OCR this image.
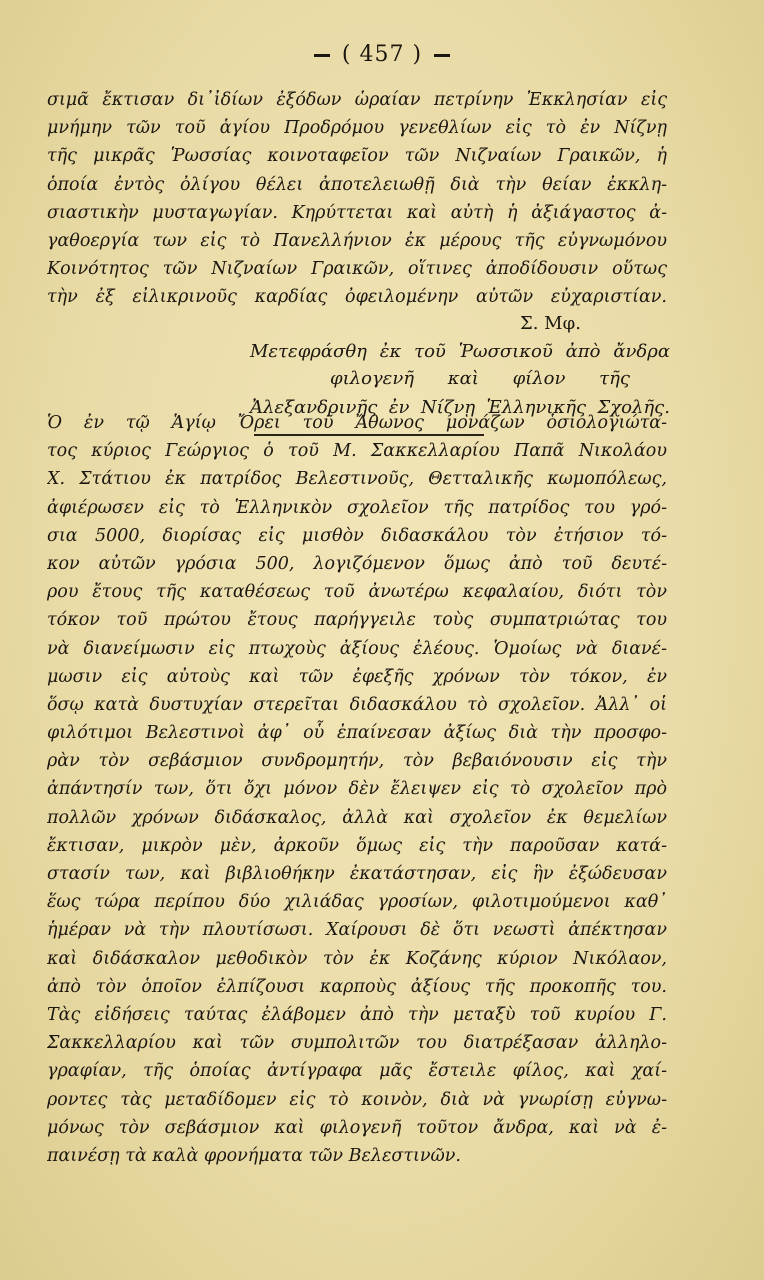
( 457 )
σιμᾶ ἔκτισαν δι᾽ἰδίων ἐξόδων ὡραίαν πετρίνην Ἐκκλησίαν εἰς
μνήμην τῶν τοῦ ἁγίου Προδρόμου γενεθλίων εἰς τὸ ἐν Νίζνῃ
τῆς μικρᾶς Ῥωσσίας κοινοταφεῖον τῶν Νιζναίων Γραικῶν, ἡ
ὁποία ἐντὸς ὀλίγου θέλει ἀποτελειωθῇ διὰ τὴν θείαν ἐκκλη-
σιαστικὴν μυσταγωγίαν. Κηρύττεται καὶ αὐτὴ ἡ ἀξιάγαστος ἀ-
γαθοεργία των εἰς τὸ Πανελλήνιον ἐκ μέρους τῆς εὐγνωμόνου
Κοινότητος τῶν Νιζναίων Γραικῶν, οἵτινες ἀποδίδουσιν οὕτως
τὴν ἐξ εἰλικρινοῦς καρδίας ὀφειλομένην αὐτῶν εὐχαριστίαν.
Σ. Μφ.
Μετεφράσθη ἐκ τοῦ Ῥωσσικοῦ ἀπὸ ἄνδρα
φιλογενῆ καὶ φίλον τῆς
Ἀλεξανδρινῆς ἐν Νίζνῃ Ἑλληνικῆς Σχολῆς.
Ὁ ἐν τῷ Ἁγίῳ Ὄρει τοῦ Ἄθωνος μονάζων ὁσιολογιώτα-
τος κύριος Γεώργιος ὁ τοῦ Μ. Σακκελλαρίου Παπᾶ Νικολάου
Χ. Στάτιου ἐκ πατρίδος Βελεστινοῦς, Θετταλικῆς κωμοπόλεως,
ἀφιέρωσεν εἰς τὸ Ἑλληνικὸν σχολεῖον τῆς πατρίδος του γρό-
σια 5000, διορίσας εἰς μισθὸν διδασκάλου τὸν ἐτήσιον τό-
κον αὐτῶν γρόσια 500, λογιζόμενον ὅμως ἀπὸ τοῦ δευτέ-
ρου ἔτους τῆς καταθέσεως τοῦ ἀνωτέρω κεφαλαίου, διότι τὸν
τόκον τοῦ πρώτου ἔτους παρήγγειλε τοὺς συμπατριώτας του
νὰ διανείμωσιν εἰς πτωχοὺς ἀξίους ἐλέους. Ὁμοίως νὰ διανέ-
μωσιν εἰς αὐτοὺς καὶ τῶν ἐφεξῆς χρόνων τὸν τόκον, ἐν
ὅσῳ κατὰ δυστυχίαν στερεῖται διδασκάλου τὸ σχολεῖον. Ἀλλ᾽ οἱ
φιλότιμοι Βελεστινοὶ ἀφ᾽ οὗ ἐπαίνεσαν ἀξίως διὰ τὴν προσφο-
ρὰν τὸν σεβάσμιον συνδρομητήν, τὸν βεβαιόνουσιν εἰς τὴν
ἀπάντησίν των, ὅτι ὄχι μόνον δὲν ἔλειψεν εἰς τὸ σχολεῖον πρὸ
πολλῶν χρόνων διδάσκαλος, ἀλλὰ καὶ σχολεῖον ἐκ θεμελίων
ἔκτισαν, μικρὸν μὲν, ἀρκοῦν ὅμως εἰς τὴν παροῦσαν κατά-
στασίν των, καὶ βιβλιοθήκην ἐκατάστησαν, εἰς ἣν ἐξώδευσαν
ἕως τώρα περίπου δύο χιλιάδας γροσίων, φιλοτιμούμενοι καθ᾽
ἡμέραν νὰ τὴν πλουτίσωσι. Χαίρουσι δὲ ὅτι νεωστὶ ἀπέκτησαν
καὶ διδάσκαλον μεθοδικὸν τὸν ἐκ Κοζάνης κύριον Νικόλαον,
ἀπὸ τὸν ὁποῖον ἐλπίζουσι καρποὺς ἀξίους τῆς προκοπῆς του.
Τὰς εἰδήσεις ταύτας ἐλάβομεν ἀπὸ τὴν μεταξὺ τοῦ κυρίου Γ.
Σακκελλαρίου καὶ τῶν συμπολιτῶν του διατρέξασαν ἀλληλο-
γραφίαν, τῆς ὁποίας ἀντίγραφα μᾶς ἔστειλε φίλος, καὶ χαί-
ροντες τὰς μεταδίδομεν εἰς τὸ κοινὸν, διὰ νὰ γνωρίσῃ εὐγνω-
μόνως τὸν σεβάσμιον καὶ φιλογενῆ τοῦτον ἄνδρα, καὶ νὰ ἐ-
παινέσῃ τὰ καλὰ φρονήματα τῶν Βελεστινῶν.
